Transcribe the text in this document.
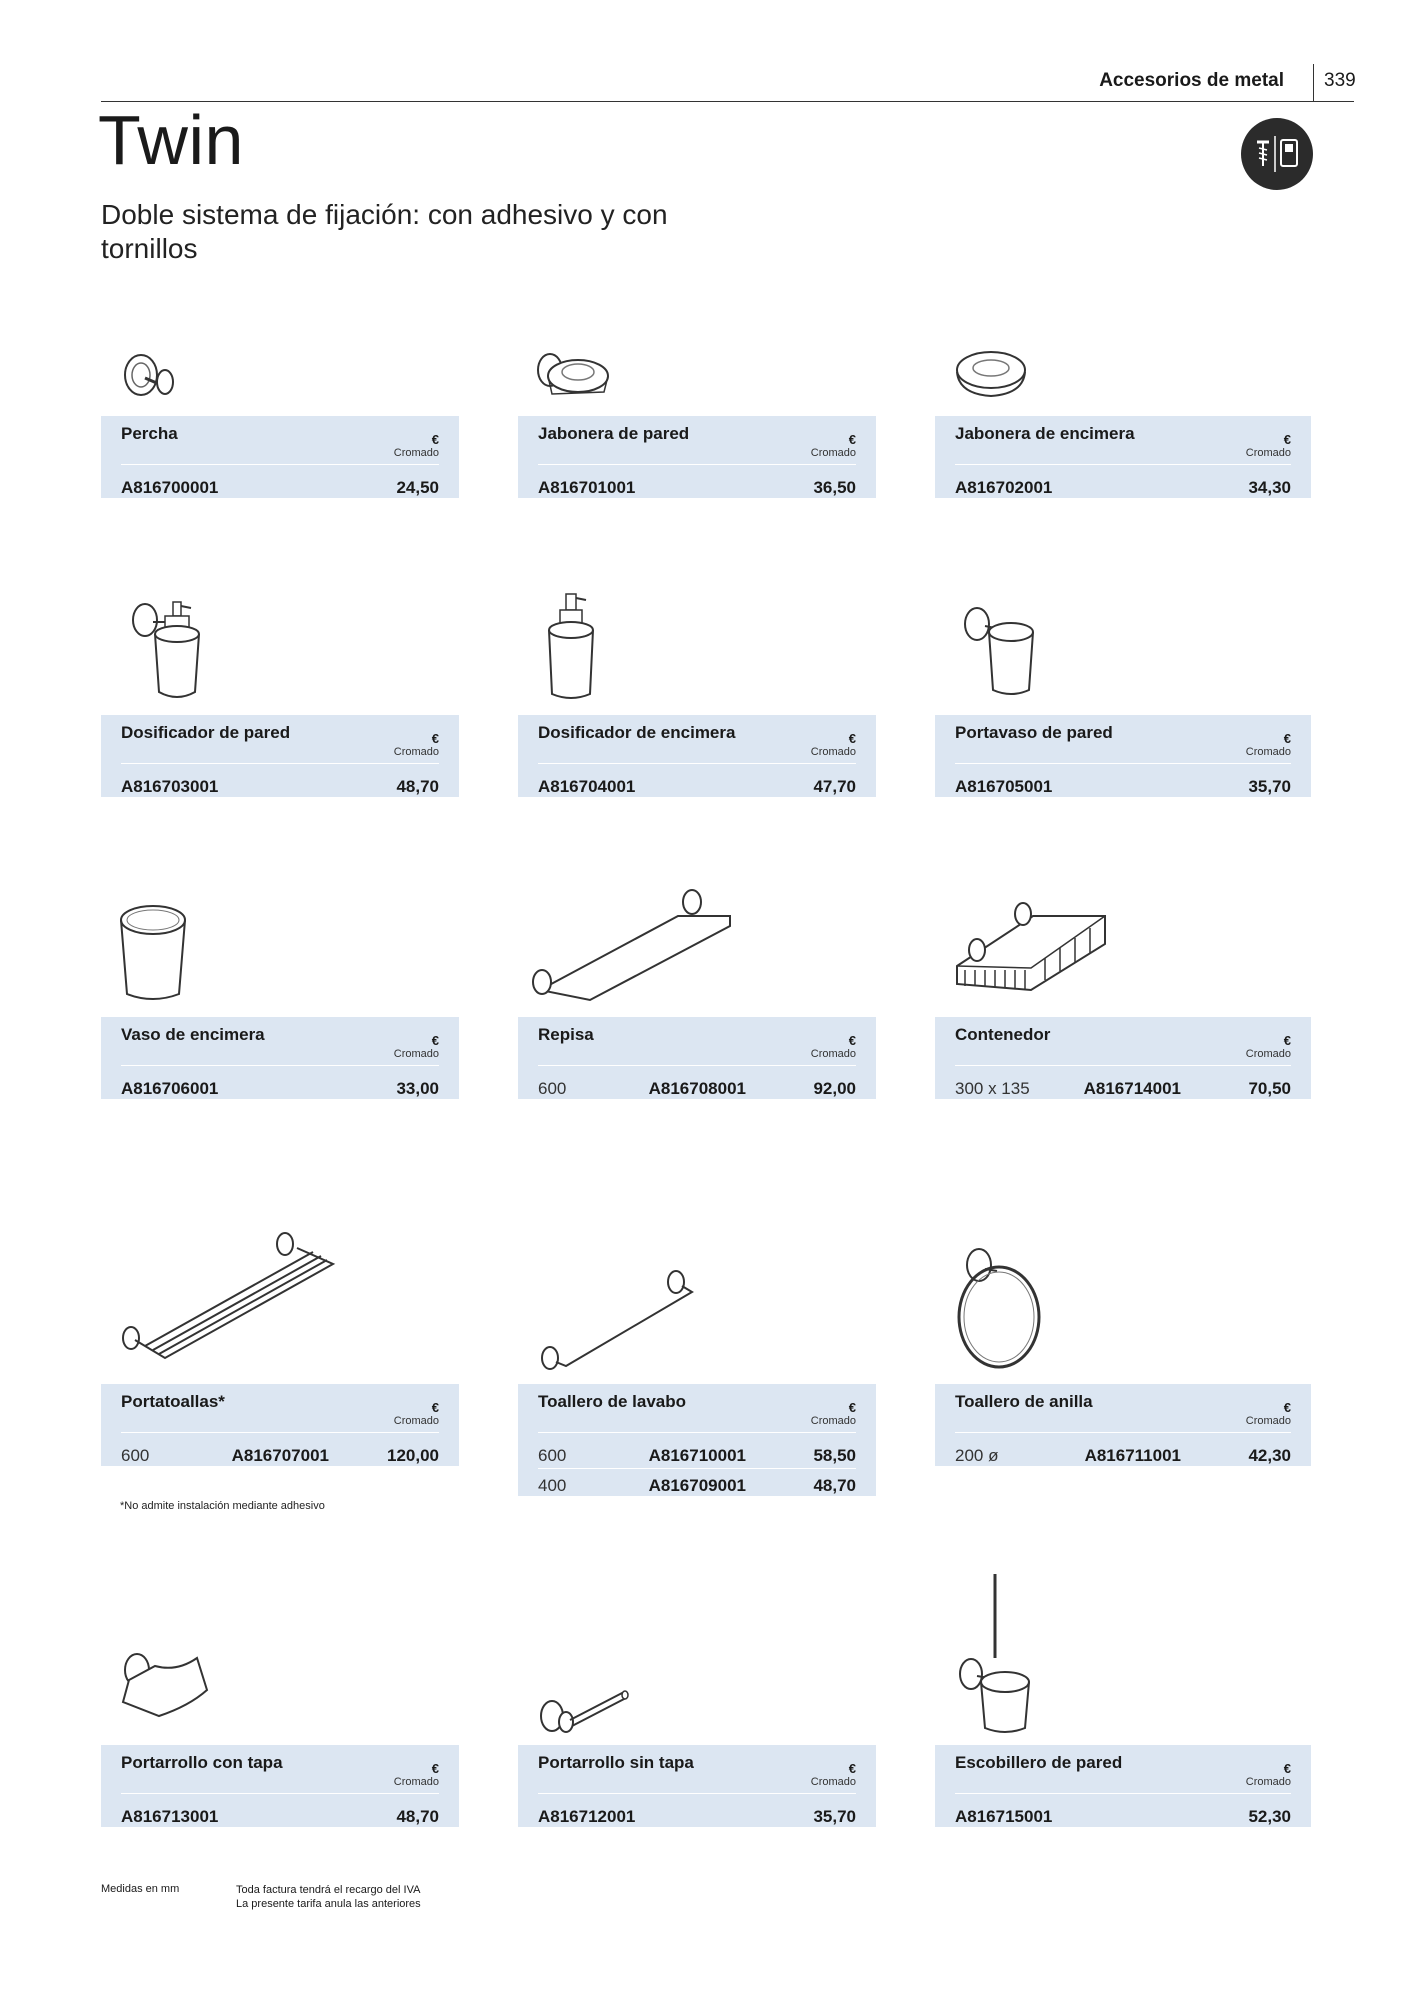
Accesorios de metal	339
Twin
Doble sistema de fijación: con adhesivo y con tornillos
Percha	€
Cromado
A816700001	24,50
Jabonera de pared	€
Cromado
A816701001	36,50
Jabonera de encimera	€
Cromado
A816702001	34,30
Dosificador de pared	€
Cromado
A816703001	48,70
Dosificador de encimera	€
Cromado
A816704001	47,70
Portavaso de pared	€
Cromado
A816705001	35,70
Vaso de encimera	€
Cromado
A816706001	33,00
Repisa	€
Cromado
600	A816708001	92,00
Contenedor	€
Cromado
300 x 135	A816714001	70,50
Portatoallas*	€
Cromado
600	A816707001	120,00
Toallero de lavabo	€
Cromado
600	A816710001	58,50
400	A816709001	48,70
Toallero de anilla	€
Cromado
200 ø	A816711001	42,30
Portarrollo con tapa	€
Cromado
A816713001	48,70
Portarrollo sin tapa	€
Cromado
A816712001	35,70
Escobillero de pared	€
Cromado
A816715001	52,30
*No admite instalación mediante adhesivo
Medidas en mm	Toda factura tendrá el recargo del IVA
La presente tarifa anula las anteriores
